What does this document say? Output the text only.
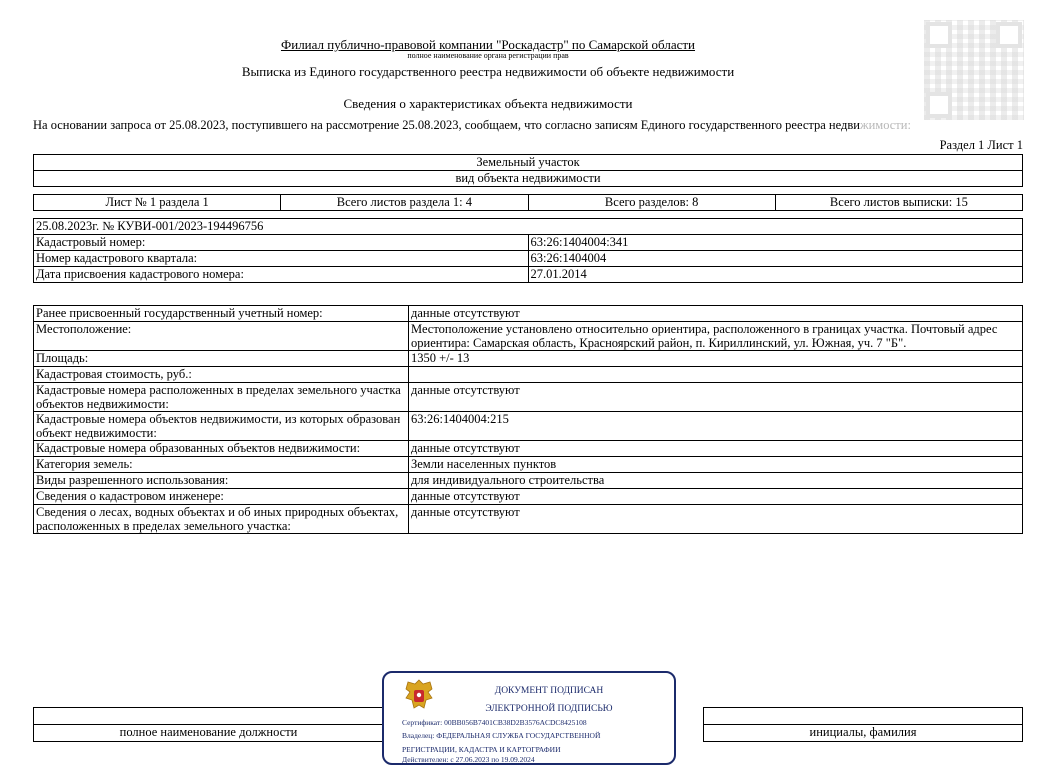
Филиал публично-правовой компании "Роскадастр" по Самарской области
полное наименование органа регистрации прав
Выписка из Единого государственного реестра недвижимости об объекте недвижимости
Сведения о характеристиках объекта недвижимости
На основании запроса от 25.08.2023, поступившего на рассмотрение 25.08.2023, сообщаем, что согласно записям Единого государственного реестра недвижимости:
Раздел 1 Лист 1
Земельный участок
вид объекта недвижимости
Лист № 1 раздела 1	Всего листов раздела 1: 4	Всего разделов: 8	Всего листов выписки: 15
25.08.2023г. № КУВИ-001/2023-194496756	
Кадастровый номер:	63:26:1404004:341
Номер кадастрового квартала:	63:26:1404004
Дата присвоения кадастрового номера:	27.01.2014
Ранее присвоенный государственный учетный номер:	данные отсутствуют
Местоположение:	Местоположение установлено относительно ориентира, расположенного в границах участка. Почтовый адрес ориентира: Самарская область, Красноярский район, п. Кириллинский, ул. Южная, уч. 7 "Б".
Площадь:	1350 +/- 13
Кадастровая стоимость, руб.:	
Кадастровые номера расположенных в пределах земельного участка объектов недвижимости:	данные отсутствуют
Кадастровые номера объектов недвижимости, из которых образован объект недвижимости:	63:26:1404004:215
Кадастровые номера образованных объектов недвижимости:	данные отсутствуют
Категория земель:	Земли населенных пунктов
Виды разрешенного использования:	для индивидуального строительства
Сведения о кадастровом инженере:	данные отсутствуют
Сведения о лесах, водных объектах и об иных природных объектах, расположенных в пределах земельного участка:	данные отсутствуют

полное наименование должности		инициалы, фамилия
ДОКУМЕНТ ПОДПИСАН
ЭЛЕКТРОННОЙ ПОДПИСЬЮ
Сертификат: 00BB056B7401CB38D2B3576ACDC8425108
Владелец: ФЕДЕРАЛЬНАЯ СЛУЖБА ГОСУДАРСТВЕННОЙ
РЕГИСТРАЦИИ, КАДАСТРА И КАРТОГРАФИИ
Действителен: с 27.06.2023 по 19.09.2024
